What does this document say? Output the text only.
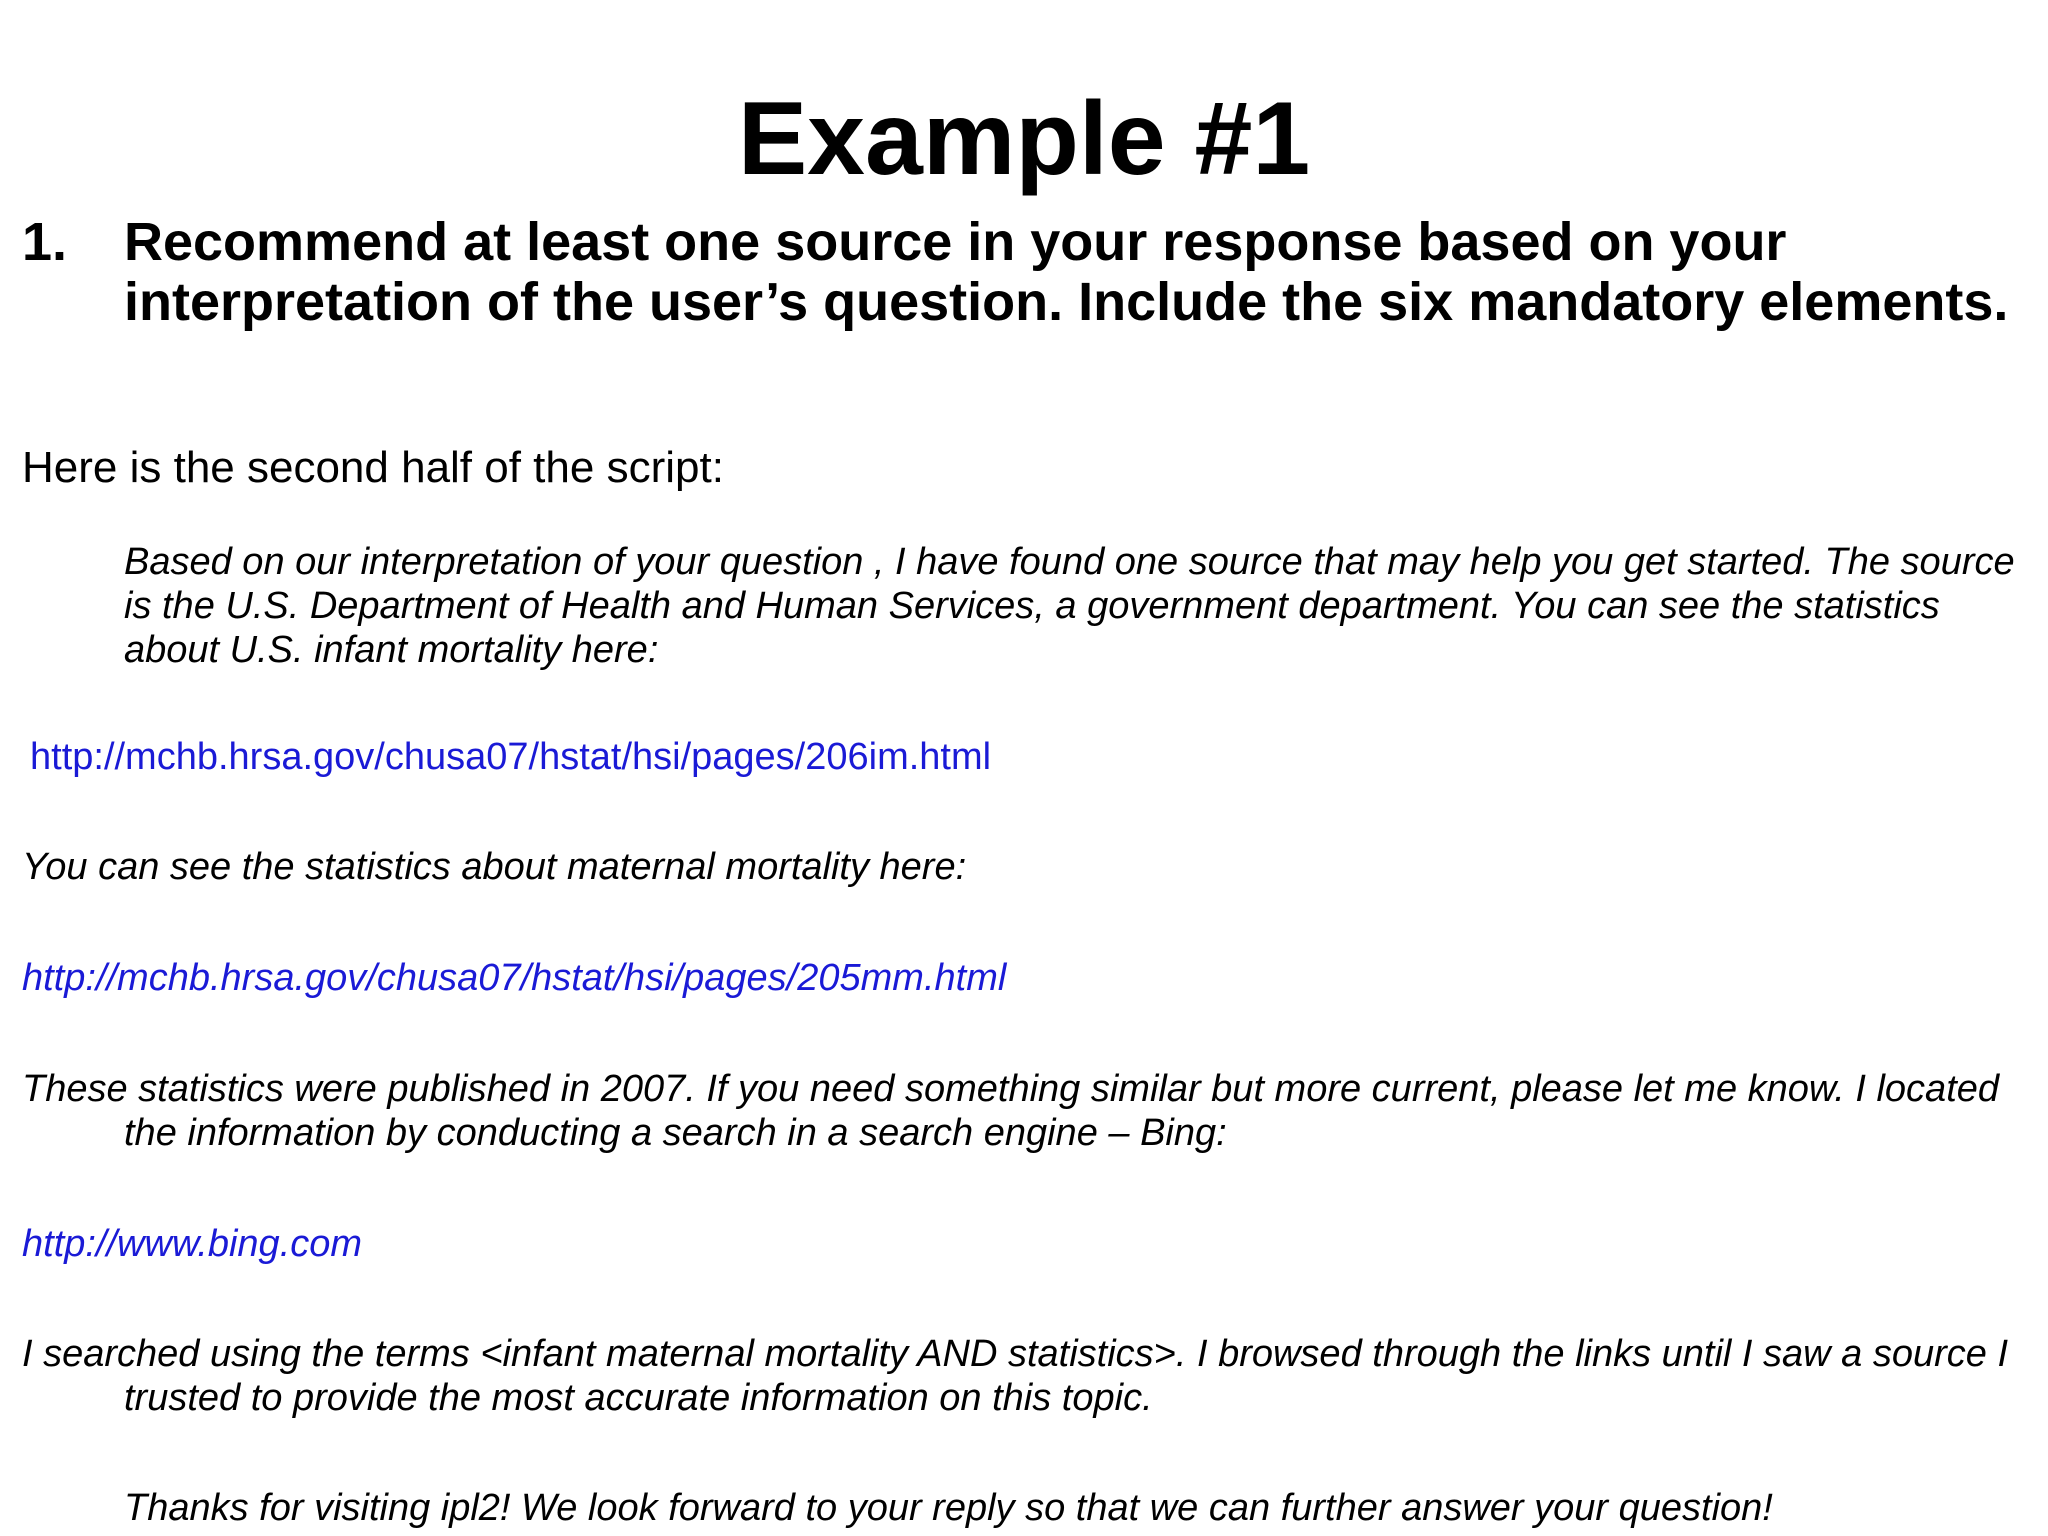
Example #1
1.	Recommend at least one source in your response based on your interpretation of the user’s question. Include the six mandatory elements.
Here is the second half of the script:
Based on our interpretation of your question , I have found one source that may help you get started. The source is the U.S. Department of Health and Human Services, a government department. You can see the statistics about U.S. infant mortality here:
http://mchb.hrsa.gov/chusa07/hstat/hsi/pages/206im.html
You can see the statistics about maternal mortality here:
http://mchb.hrsa.gov/chusa07/hstat/hsi/pages/205mm.html
These statistics were published in 2007. If you need something similar but more current, please let me know. I located the information by conducting a search in a search engine – Bing:
http://www.bing.com
I searched using the terms <infant maternal mortality AND statistics>. I browsed through the links until I saw a source I trusted to provide the most accurate information on this topic.
Thanks for visiting ipl2! We look forward to your reply so that we can further answer your question!
